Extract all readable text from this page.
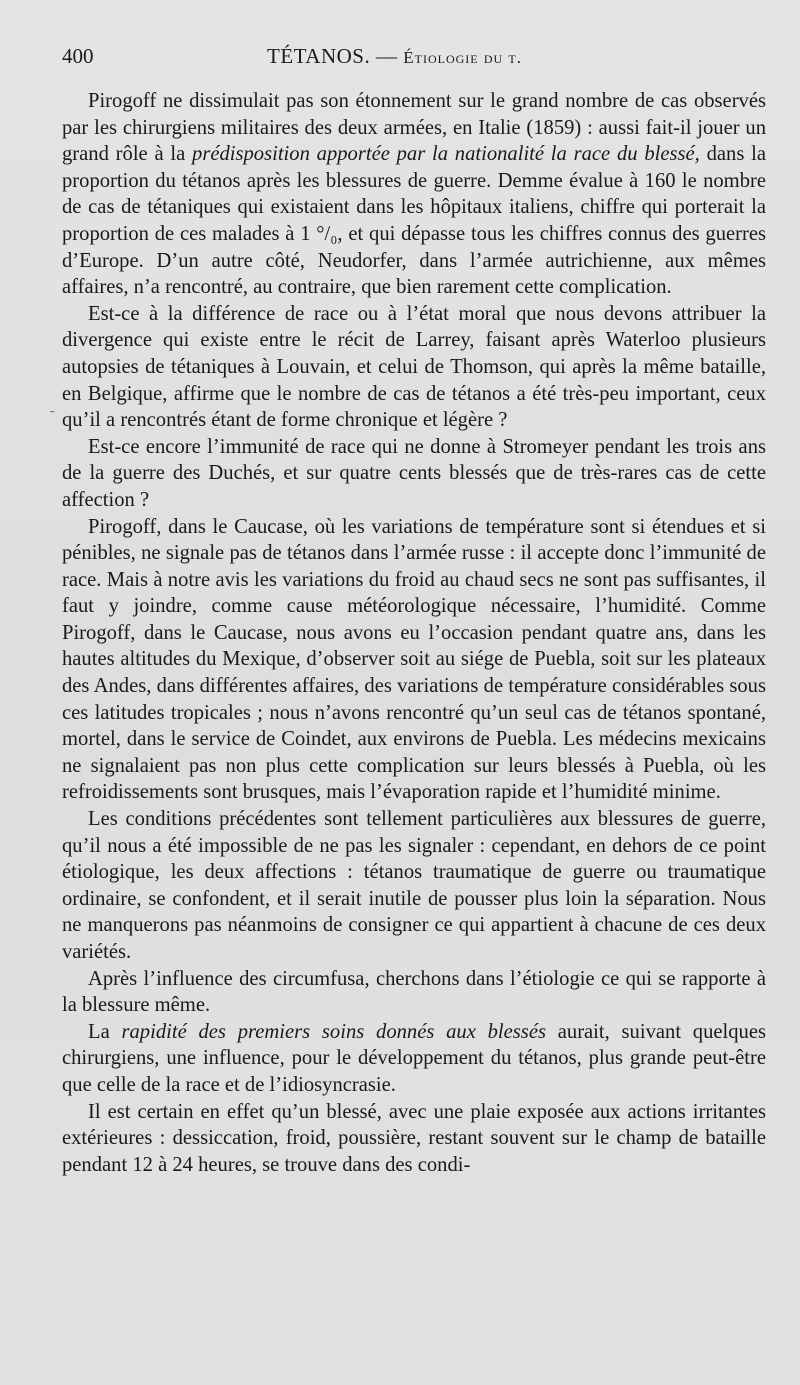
400	TÉTANOS. — Étiologie du t.

Pirogoff ne dissimulait pas son étonnement sur le grand nombre de cas observés par les chirurgiens militaires des deux armées, en Italie (1859) : aussi fait-il jouer un grand rôle à la prédisposition apportée par la nationalité la race du blessé, dans la proportion du tétanos après les blessures de guerre. Demme évalue à 160 le nombre de cas de tétaniques qui existaient dans les hôpitaux italiens, chiffre qui porterait la proportion de ces malades à 1 °/₀, et qui dépasse tous les chiffres connus des guerres d’Europe. D’un autre côté, Neudorfer, dans l’armée autrichienne, aux mêmes affaires, n’a rencontré, au contraire, que bien rarement cette complication.

Est-ce à la différence de race ou à l’état moral que nous devons attribuer la divergence qui existe entre le récit de Larrey, faisant après Waterloo plusieurs autopsies de tétaniques à Louvain, et celui de Thomson, qui après la même bataille, en Belgique, affirme que le nombre de cas de tétanos a été très-peu important, ceux qu’il a rencontrés étant de forme chronique et légère ?

Est-ce encore l’immunité de race qui ne donne à Stromeyer pendant les trois ans de la guerre des Duchés, et sur quatre cents blessés que de très-rares cas de cette affection ?

Pirogoff, dans le Caucase, où les variations de température sont si étendues et si pénibles, ne signale pas de tétanos dans l’armée russe : il accepte donc l’immunité de race. Mais à notre avis les variations du froid au chaud secs ne sont pas suffisantes, il faut y joindre, comme cause météorologique nécessaire, l’humidité. Comme Pirogoff, dans le Caucase, nous avons eu l’occasion pendant quatre ans, dans les hautes altitudes du Mexique, d’observer soit au siége de Puebla, soit sur les plateaux des Andes, dans différentes affaires, des variations de température considérables sous ces latitudes tropicales ; nous n’avons rencontré qu’un seul cas de tétanos spontané, mortel, dans le service de Coindet, aux environs de Puebla. Les médecins mexicains ne signalaient pas non plus cette complication sur leurs blessés à Puebla, où les refroidissements sont brusques, mais l’évaporation rapide et l’humidité minime.

Les conditions précédentes sont tellement particulières aux blessures de guerre, qu’il nous a été impossible de ne pas les signaler : cependant, en dehors de ce point étiologique, les deux affections : tétanos traumatique de guerre ou traumatique ordinaire, se confondent, et il serait inutile de pousser plus loin la séparation. Nous ne manquerons pas néanmoins de consigner ce qui appartient à chacune de ces deux variétés.

Après l’influence des circumfusa, cherchons dans l’étiologie ce qui se rapporte à la blessure même.

La rapidité des premiers soins donnés aux blessés aurait, suivant quelques chirurgiens, une influence, pour le développement du tétanos, plus grande peut-être que celle de la race et de l’idiosyncrasie.

Il est certain en effet qu’un blessé, avec une plaie exposée aux actions irritantes extérieures : dessiccation, froid, poussière, restant souvent sur le champ de bataille pendant 12 à 24 heures, se trouve dans des condi-

ˉ
